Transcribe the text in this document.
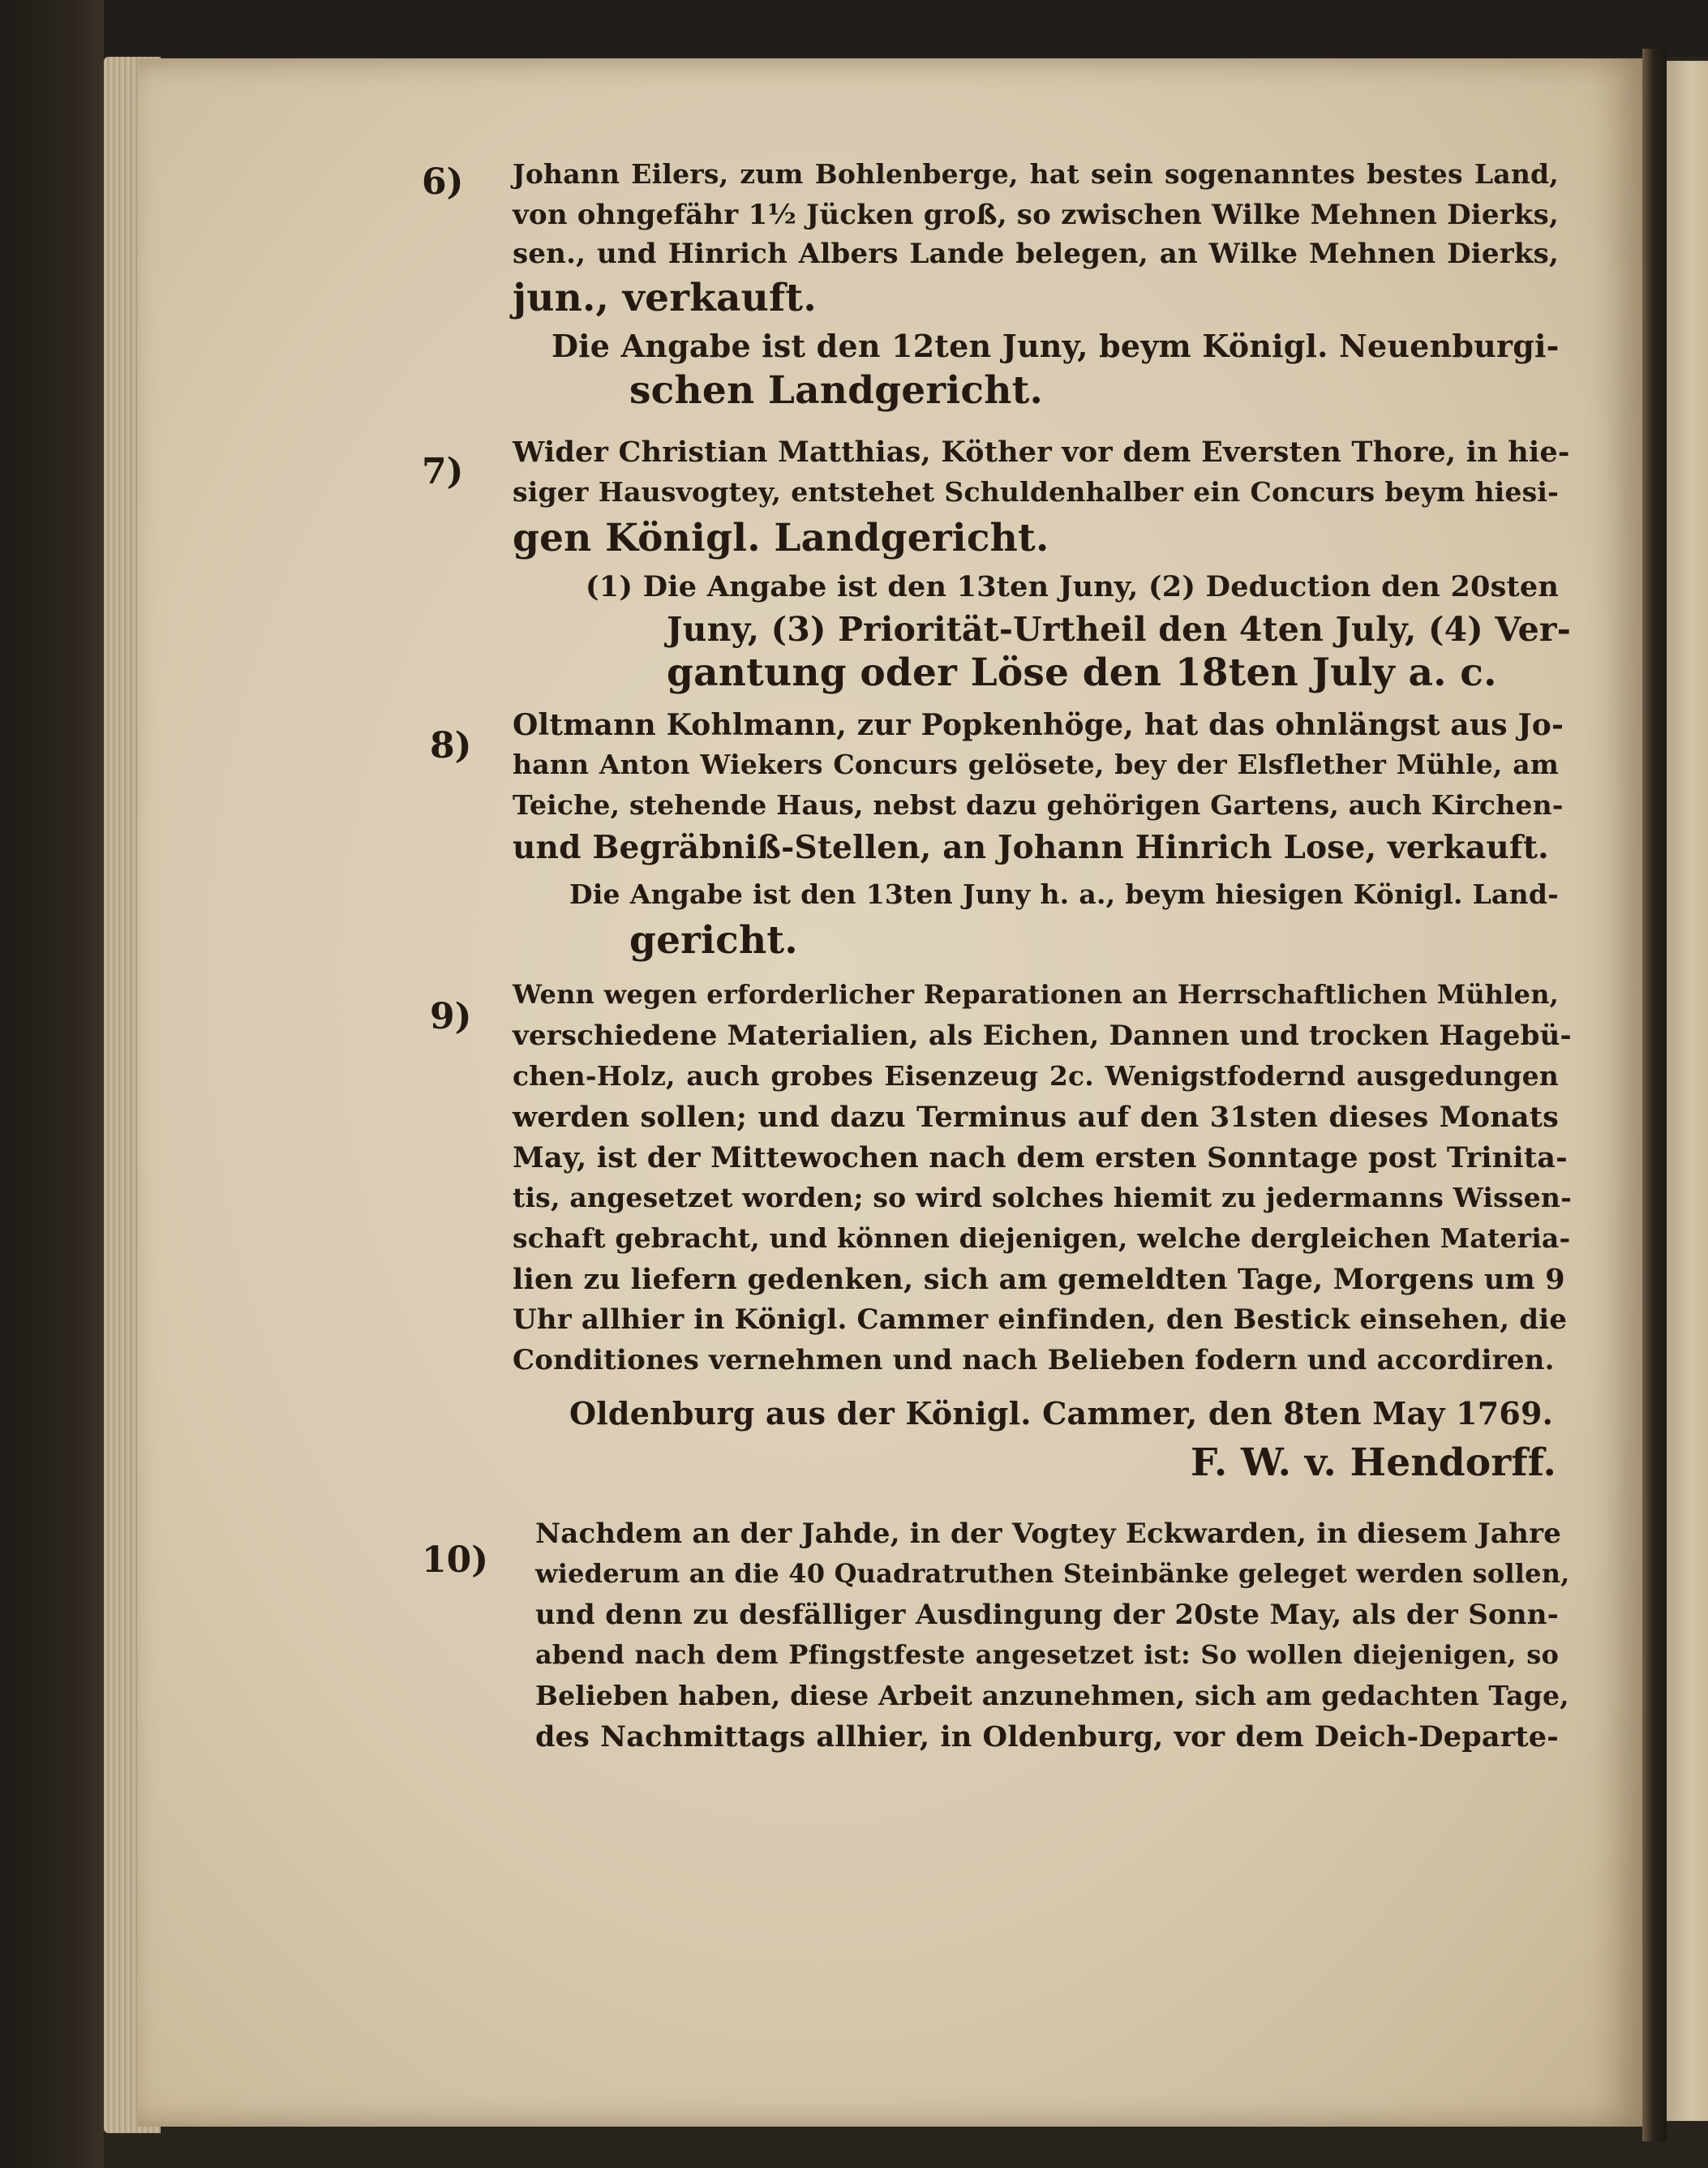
6) Johann Eilers, zum Bohlenberge, hat sein sogenanntes bestes Land,
von ohngefähr 1½ Jücken groß, so zwischen Wilke Mehnen Dierks,
sen., und Hinrich Albers Lande belegen, an Wilke Mehnen Dierks,
jun., verkauft.
Die Angabe ist den 12ten Juny, beym Königl. Neuenburgi-
schen Landgericht.
7) Wider Christian Matthias, Köther vor dem Eversten Thore, in hie-
siger Hausvogtey, entstehet Schuldenhalber ein Concurs beym hiesi-
gen Königl. Landgericht.
(1) Die Angabe ist den 13ten Juny, (2) Deduction den 20sten
Juny, (3) Priorität-Urtheil den 4ten July, (4) Ver-
gantung oder Löse den 18ten July a. c.
8) Oltmann Kohlmann, zur Popkenhöge, hat das ohnlängst aus Jo-
hann Anton Wiekers Concurs gelösete, bey der Elsflether Mühle, am
Teiche, stehende Haus, nebst dazu gehörigen Gartens, auch Kirchen-
und Begräbniß-Stellen, an Johann Hinrich Lose, verkauft.
Die Angabe ist den 13ten Juny h. a., beym hiesigen Königl. Land-
gericht.
9)
Wenn wegen erforderlicher Reparationen an Herrschaftlichen Mühlen,
verschiedene Materialien, als Eichen, Dannen und trocken Hagebü-
chen-Holz, auch grobes Eisenzeug 2c. Wenigstfodernd ausgedungen
werden sollen; und dazu Terminus auf den 31sten dieses Monats
May, ist der Mittewochen nach dem ersten Sonntage post Trinita-
tis, angesetzet worden; so wird solches hiemit zu jedermanns Wissen-
schaft gebracht, und können diejenigen, welche dergleichen Materia-
lien zu liefern gedenken, sich am gemeldten Tage, Morgens um 9
Uhr allhier in Königl. Cammer einfinden, den Bestick einsehen, die
Conditiones vernehmen und nach Belieben fodern und accordiren.
Oldenburg aus der Königl. Cammer, den 8ten May 1769.
F. W. v. Hendorff.
10)
Nachdem an der Jahde, in der Vogtey Eckwarden, in diesem Jahre
wiederum an die 40 Quadratruthen Steinbänke geleget werden sollen,
und denn zu desfälliger Ausdingung der 20ste May, als der Sonn-
abend nach dem Pfingstfeste angesetzet ist: So wollen diejenigen, so
Belieben haben, diese Arbeit anzunehmen, sich am gedachten Tage,
des Nachmittags allhier, in Oldenburg, vor dem Deich-Departe-
